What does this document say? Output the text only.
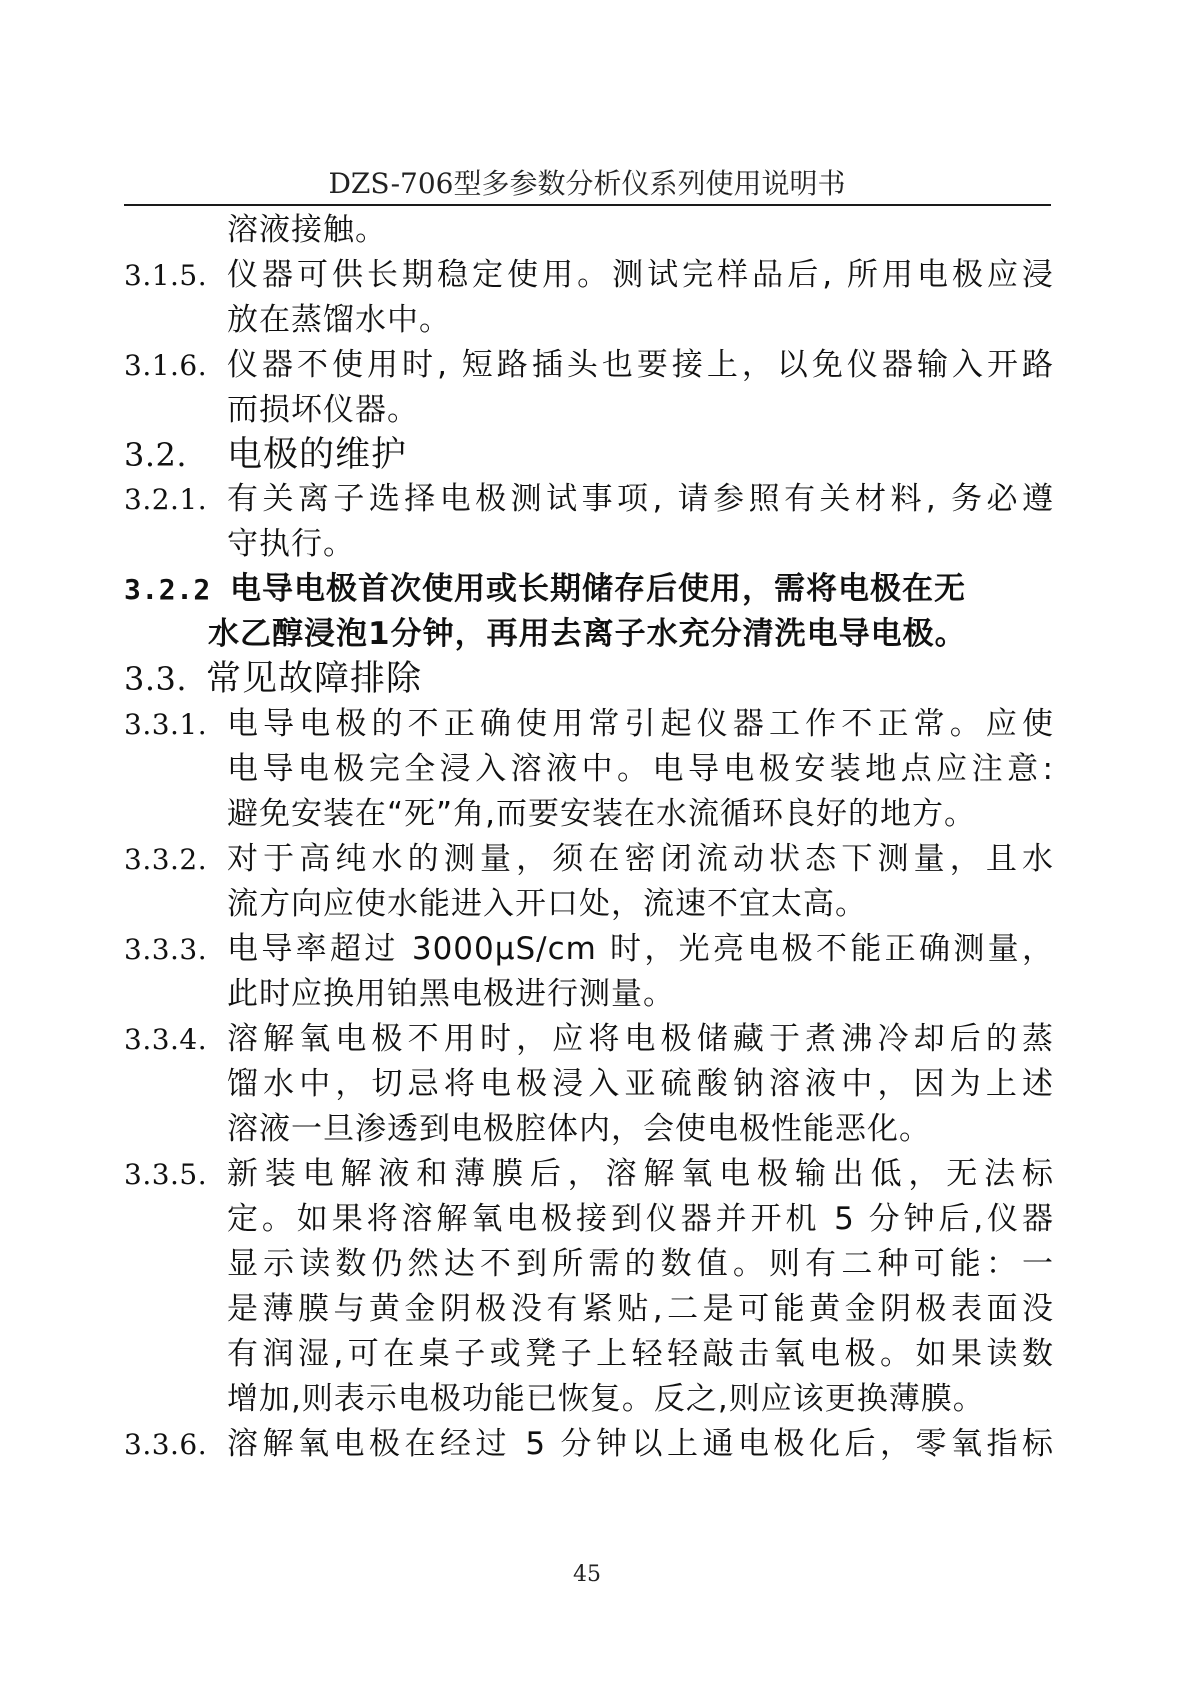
DZS-706型多参数分析仪系列使用说明书
溶液接触。
3.1.5. 仪器可供长期稳定使用。测试完样品后, 所用电极应浸
放在蒸馏水中。
3.1.6. 仪器不使用时, 短路插头也要接上，以免仪器输入开路
而损坏仪器。
3.2. 电极的维护
3.2.1. 有关离子选择电极测试事项, 请参照有关材料, 务必遵
守执行。
3.2.2 电导电极首次使用或长期储存后使用，需将电极在无
水乙醇浸泡1分钟，再用去离子水充分清洗电导电极。
3.3. 常见故障排除
3.3.1. 电导电极的不正确使用常引起仪器工作不正常。应使
电导电极完全浸入溶液中。电导电极安装地点应注意:
避免安装在“死”角,而要安装在水流循环良好的地方。
3.3.2. 对于高纯水的测量，须在密闭流动状态下测量，且水
流方向应使水能进入开口处，流速不宜太高。
3.3.3. 电导率超过 3000μS/cm 时，光亮电极不能正确测量，
此时应换用铂黑电极进行测量。
3.3.4. 溶解氧电极不用时，应将电极储藏于煮沸冷却后的蒸
馏水中，切忌将电极浸入亚硫酸钠溶液中，因为上述
溶液一旦渗透到电极腔体内，会使电极性能恶化。
3.3.5. 新装电解液和薄膜后，溶解氧电极输出低，无法标
定。如果将溶解氧电极接到仪器并开机 5 分钟后,仪器
显示读数仍然达不到所需的数值。则有二种可能：一
是薄膜与黄金阴极没有紧贴,二是可能黄金阴极表面没
有润湿,可在桌子或凳子上轻轻敲击氧电极。如果读数
增加,则表示电极功能已恢复。反之,则应该更换薄膜。
3.3.6. 溶解氧电极在经过 5 分钟以上通电极化后，零氧指标
45
